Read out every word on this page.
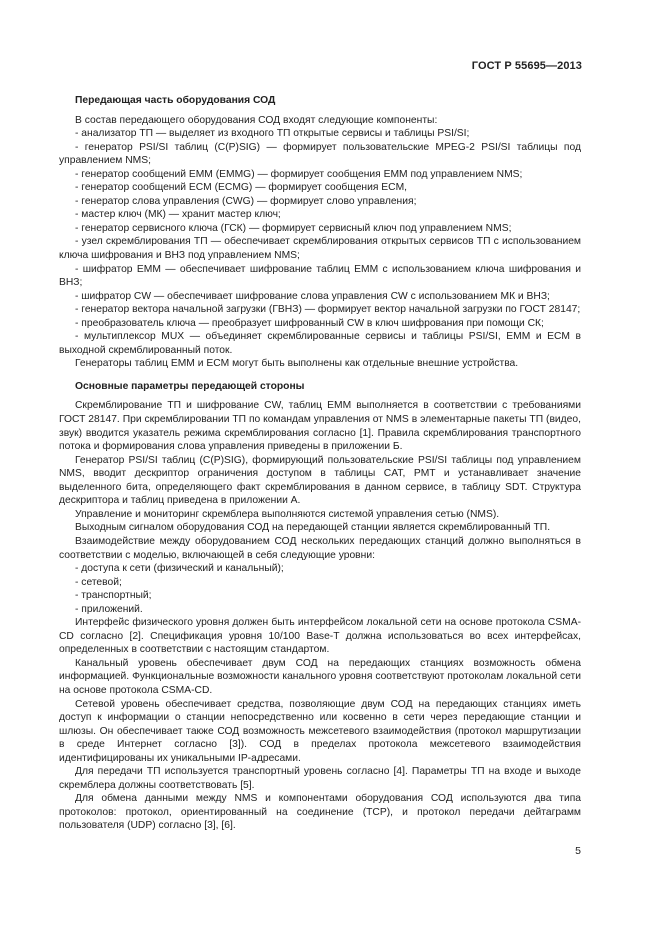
ГОСТ Р 55695—2013

Передающая часть оборудования СОД

В состав передающего оборудования СОД входят следующие компоненты:

- анализатор ТП — выделяет из входного ТП открытые сервисы и таблицы PSI/SI;

- генератор PSI/SI таблиц (C(P)SIG) — формирует пользовательские MPEG-2 PSI/SI таблицы под управлением NMS;

- генератор сообщений EMM (EMMG) — формирует сообщения EMM под управлением NMS;

- генератор сообщений ECM (ECMG) — формирует сообщения ECM,

- генератор слова управления (CWG) — формирует слово управления;

- мастер ключ (МК) — хранит мастер ключ;

- генератор сервисного ключа (ГСК) — формирует сервисный ключ под управлением NMS;

- узел скремблирования ТП — обеспечивает скремблирования открытых сервисов ТП с использованием ключа шифрования и ВНЗ под управлением NMS;

- шифратор EMM — обеспечивает шифрование таблиц EMM с использованием ключа шифрования и ВНЗ;

- шифратор CW — обеспечивает шифрование слова управления CW с использованием МК и ВНЗ;

- генератор вектора начальной загрузки (ГВНЗ) — формирует вектор начальной загрузки по ГОСТ 28147;

- преобразователь ключа — преобразует шифрованный CW в ключ шифрования при помощи СК;

- мультиплексор MUX — объединяет скремблированные сервисы и таблицы PSI/SI, EMM и ECM в выходной скремблированный поток.

Генераторы таблиц EMM и ECM могут быть выполнены как отдельные внешние устройства.

Основные параметры передающей стороны

Скремблирование ТП и шифрование CW, таблиц EMM выполняется в соответствии с требованиями ГОСТ 28147. При скремблировании ТП по командам управления от NMS в элементарные пакеты ТП (видео, звук) вводится указатель режима скремблирования согласно [1]. Правила скремблирования транспортного потока и формирования слова управления приведены в приложении Б.

Генератор PSI/SI таблиц (C(P)SIG), формирующий пользовательские PSI/SI таблицы под управлением NMS, вводит дескриптор ограничения доступом в таблицы CAT, PMT и устанавливает значение выделенного бита, определяющего факт скремблирования в данном сервисе, в таблицу SDT. Структура дескриптора и таблиц приведена в приложении А.

Управление и мониторинг скремблера выполняются системой управления сетью (NMS).

Выходным сигналом оборудования СОД на передающей станции является скремблированный ТП.

Взаимодействие между оборудованием СОД нескольких передающих станций должно выполняться в соответствии с моделью, включающей в себя следующие уровни:

- доступа к сети (физический и канальный);

- сетевой;

- транспортный;

- приложений.

Интерфейс физического уровня должен быть интерфейсом локальной сети на основе протокола CSMA-CD согласно [2]. Спецификация уровня 10/100 Base-T должна использоваться во всех интерфейсах, определенных в соответствии с настоящим стандартом.

Канальный уровень обеспечивает двум СОД на передающих станциях возможность обмена информацией. Функциональные возможности канального уровня соответствуют протоколам локальной сети на основе протокола CSMA-CD.

Сетевой уровень обеспечивает средства, позволяющие двум СОД на передающих станциях иметь доступ к информации о станции непосредственно или косвенно в сети через передающие станции и шлюзы. Он обеспечивает также СОД возможность межсетевого взаимодействия (протокол маршрутизации в среде Интернет согласно [3]). СОД в пределах протокола межсетевого взаимодействия идентифицированы их уникальными IP-адресами.

Для передачи ТП используется транспортный уровень согласно [4]. Параметры ТП на входе и выходе скремблера должны соответствовать [5].

Для обмена данными между NMS и компонентами оборудования СОД используются два типа протоколов: протокол, ориентированный на соединение (TCP), и протокол передачи дейтаграмм пользователя (UDP) согласно [3], [6].

5
